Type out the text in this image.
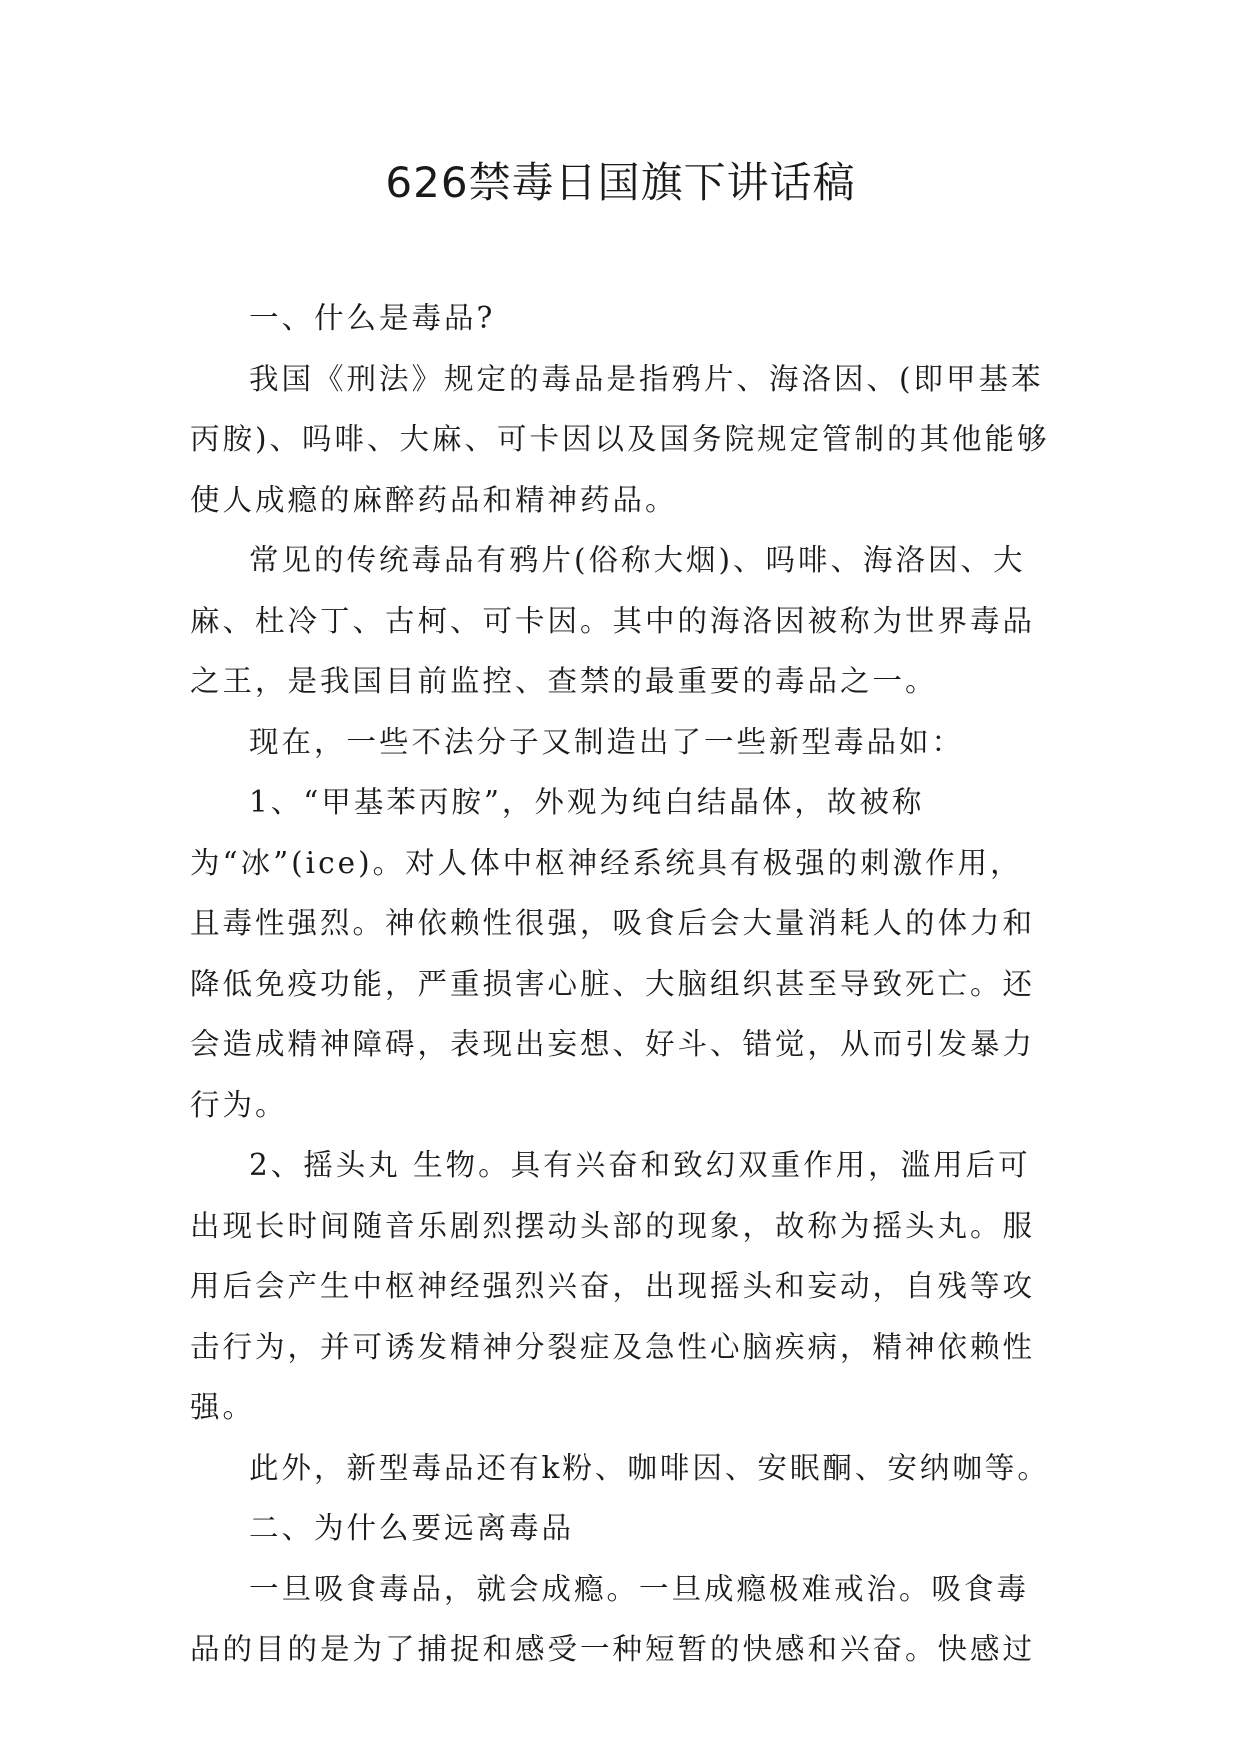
626禁毒日国旗下讲话稿

一、什么是毒品?

我国《刑法》规定的毒品是指鸦片、海洛因、(即甲基苯丙胺)、吗啡、大麻、可卡因以及国务院规定管制的其他能够使人成瘾的麻醉药品和精神药品。

常见的传统毒品有鸦片(俗称大烟)、吗啡、海洛因、大麻、杜冷丁、古柯、可卡因。其中的海洛因被称为世界毒品之王，是我国目前监控、查禁的最重要的毒品之一。

现在，一些不法分子又制造出了一些新型毒品如：

1、“甲基苯丙胺”，外观为纯白结晶体，故被称为“冰”(ice)。对人体中枢神经系统具有极强的刺激作用，且毒性强烈。神依赖性很强，吸食后会大量消耗人的体力和降低免疫功能，严重损害心脏、大脑组织甚至导致死亡。还会造成精神障碍，表现出妄想、好斗、错觉，从而引发暴力行为。

2、摇头丸 生物。具有兴奋和致幻双重作用，滥用后可出现长时间随音乐剧烈摆动头部的现象，故称为摇头丸。服用后会产生中枢神经强烈兴奋，出现摇头和妄动，自残等攻击行为，并可诱发精神分裂症及急性心脑疾病，精神依赖性强。

此外，新型毒品还有k粉、咖啡因、安眠酮、安纳咖等。

二、为什么要远离毒品

一旦吸食毒品，就会成瘾。一旦成瘾极难戒治。吸食毒品的目的是为了捕捉和感受一种短暂的快感和兴奋。快感过
